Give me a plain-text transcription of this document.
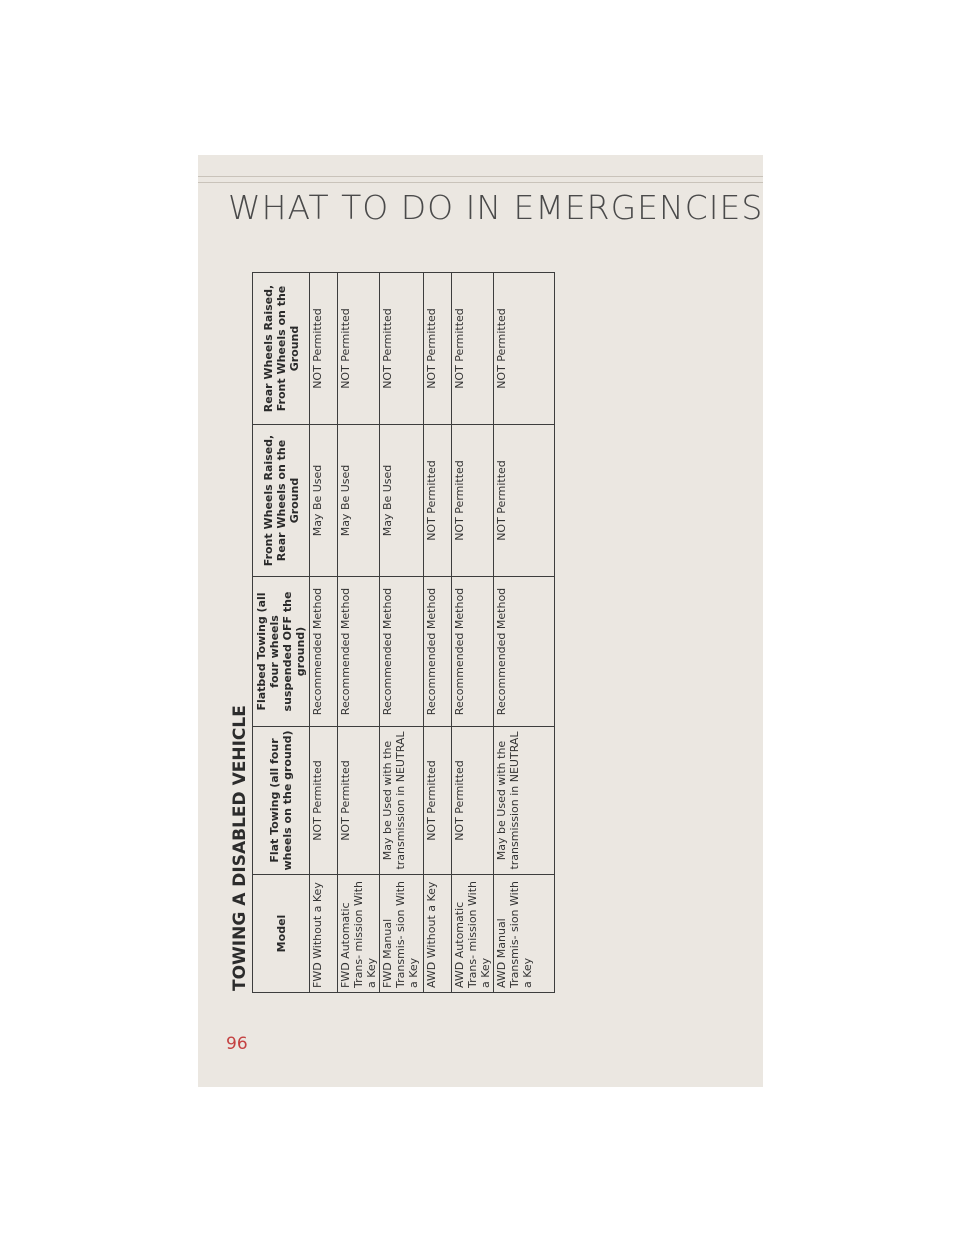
WHAT TO DO IN EMERGENCIES
TOWING A DISABLED VEHICLE Model	Flat Towing (all four wheels on the ground)	Flatbed Towing (all four wheels suspended OFF the ground)	Front Wheels Raised, Rear Wheels on the Ground	Rear Wheels Raised, Front Wheels on the Ground
FWD Without a Key	NOT Permitted	Recommended Method	May Be Used	NOT Permitted
FWD Automatic Trans- mission With a Key	NOT Permitted	Recommended Method	May Be Used	NOT Permitted
FWD Manual Transmis- sion With a Key	May be Used with the transmission in NEUTRAL	Recommended Method	May Be Used	NOT Permitted
AWD Without a Key	NOT Permitted	Recommended Method	NOT Permitted	NOT Permitted
AWD Automatic Trans- mission With a Key	NOT Permitted	Recommended Method	NOT Permitted	NOT Permitted
AWD Manual Transmis- sion With a Key	May be Used with the transmission in NEUTRAL	Recommended Method	NOT Permitted	NOT Permitted
96
